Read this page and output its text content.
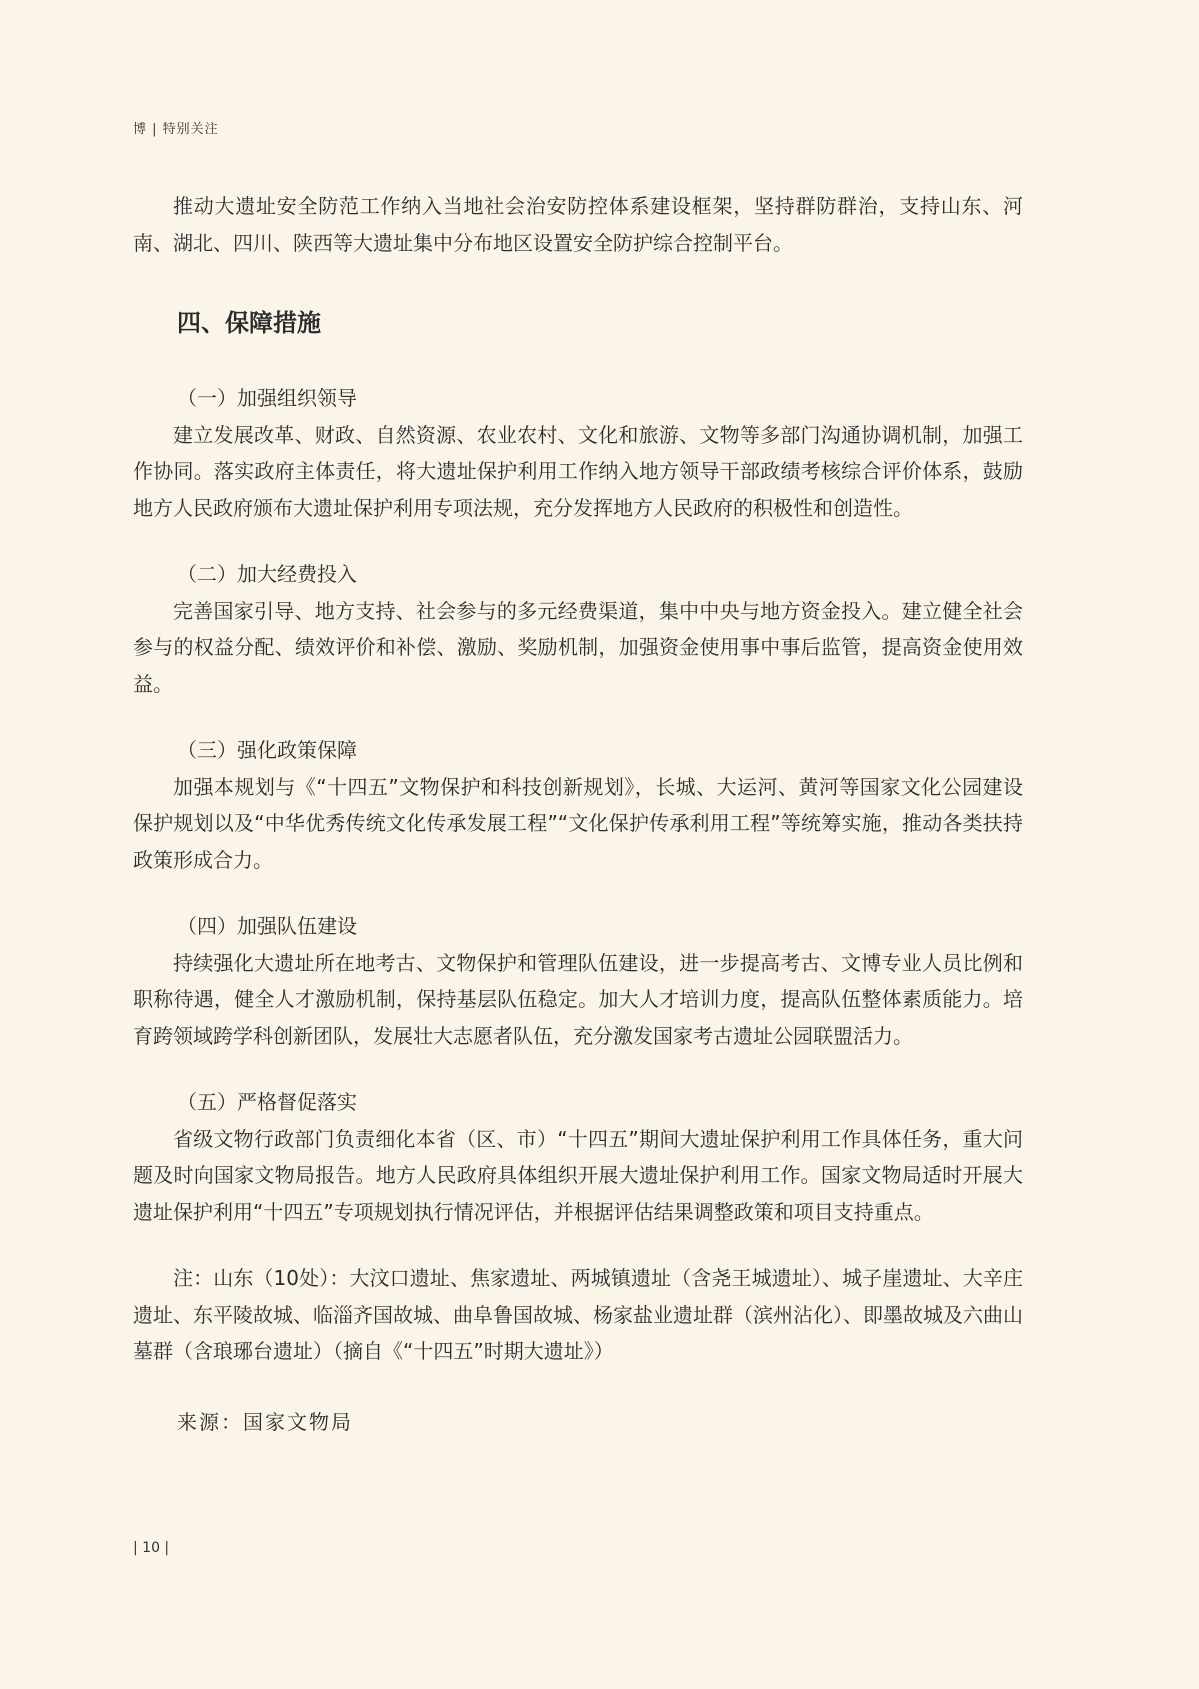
博 | 特别关注

推动大遗址安全防范工作纳入当地社会治安防控体系建设框架，坚持群防群治，支持山东、河南、湖北、四川、陕西等大遗址集中分布地区设置安全防护综合控制平台。

四、保障措施

（一）加强组织领导

建立发展改革、财政、自然资源、农业农村、文化和旅游、文物等多部门沟通协调机制，加强工作协同。落实政府主体责任，将大遗址保护利用工作纳入地方领导干部政绩考核综合评价体系，鼓励地方人民政府颁布大遗址保护利用专项法规，充分发挥地方人民政府的积极性和创造性。

（二）加大经费投入

完善国家引导、地方支持、社会参与的多元经费渠道，集中中央与地方资金投入。建立健全社会参与的权益分配、绩效评价和补偿、激励、奖励机制，加强资金使用事中事后监管，提高资金使用效益。

（三）强化政策保障

加强本规划与《“十四五”文物保护和科技创新规划》，长城、大运河、黄河等国家文化公园建设保护规划以及“中华优秀传统文化传承发展工程”“文化保护传承利用工程”等统筹实施，推动各类扶持政策形成合力。

（四）加强队伍建设

持续强化大遗址所在地考古、文物保护和管理队伍建设，进一步提高考古、文博专业人员比例和职称待遇，健全人才激励机制，保持基层队伍稳定。加大人才培训力度，提高队伍整体素质能力。培育跨领域跨学科创新团队，发展壮大志愿者队伍，充分激发国家考古遗址公园联盟活力。

（五）严格督促落实

省级文物行政部门负责细化本省（区、市）“十四五”期间大遗址保护利用工作具体任务，重大问题及时向国家文物局报告。地方人民政府具体组织开展大遗址保护利用工作。国家文物局适时开展大遗址保护利用“十四五”专项规划执行情况评估，并根据评估结果调整政策和项目支持重点。

注：山东（10处）：大汶口遗址、焦家遗址、两城镇遗址（含尧王城遗址）、城子崖遗址、大辛庄遗址、东平陵故城、临淄齐国故城、曲阜鲁国故城、杨家盐业遗址群（滨州沾化）、即墨故城及六曲山墓群（含琅琊台遗址）（摘自《“十四五”时期大遗址》）

来源：国家文物局

| 10 |
